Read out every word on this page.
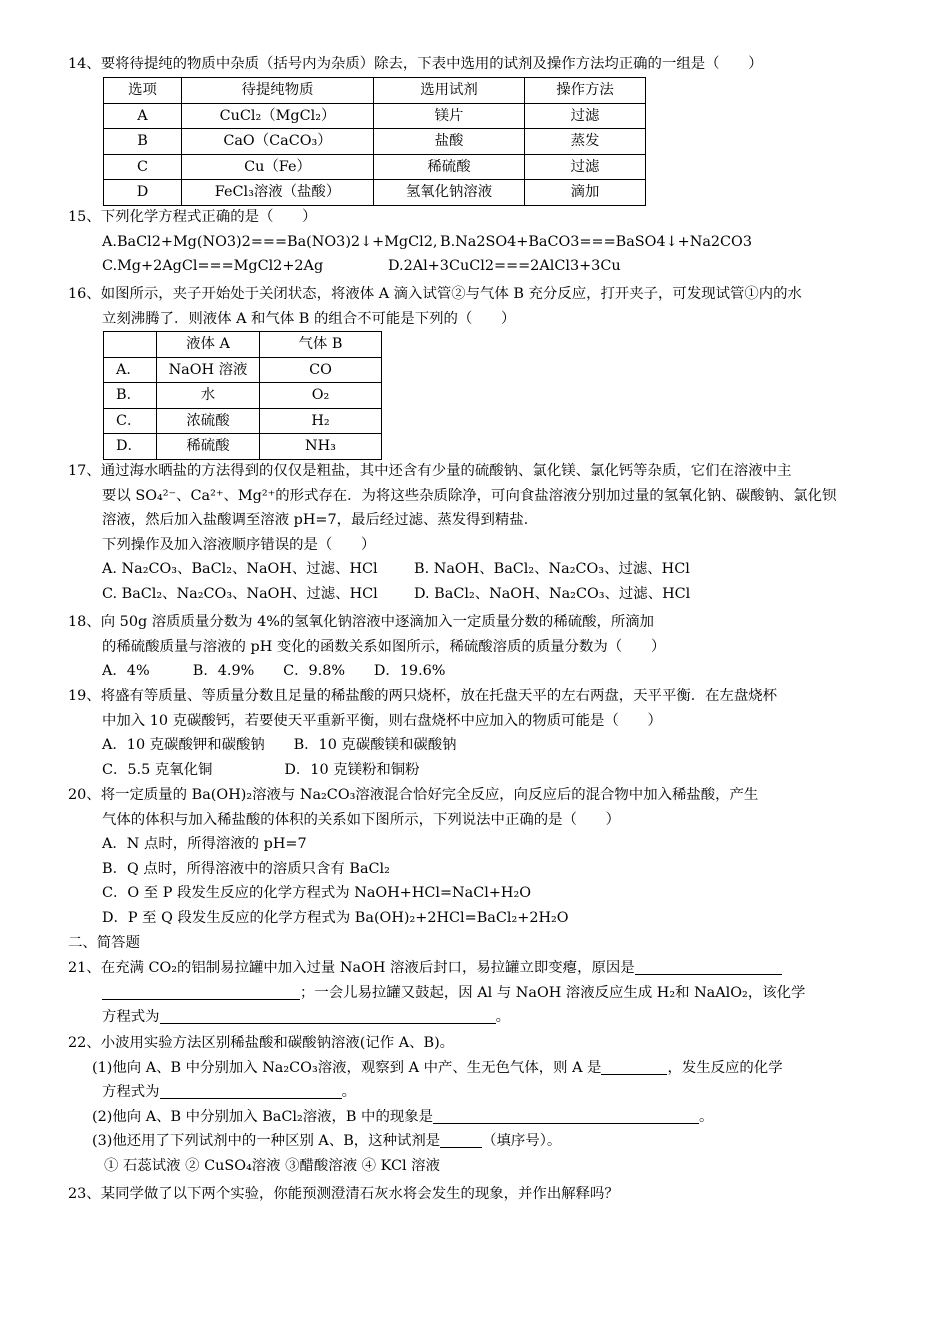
14、要将待提纯的物质中杂质（括号内为杂质）除去，下表中选用的试剂及操作方法均正确的一组是（　　）
选项	待提纯物质	选用试剂	操作方法
A	CuCl₂（MgCl₂）	镁片	过滤
B	CaO（CaCO₃）	盐酸	蒸发
C	Cu（Fe）	稀硫酸	过滤
D	FeCl₃溶液（盐酸）	氢氧化钠溶液	滴加
15、下列化学方程式正确的是（　　）
A.BaCl2+Mg(NO3)2===Ba(NO3)2↓+MgCl2, B.Na2SO4+BaCO3===BaSO4↓+Na2CO3
C.Mg+2AgCl===MgCl2+2Ag	D.2Al+3CuCl2===2AlCl3+3Cu
16、如图所示，夹子开始处于关闭状态，将液体 A 滴入试管②与气体 B 充分反应，打开夹子，可发现试管①内的水
立刻沸腾了．则液体 A 和气体 B 的组合不可能是下列的（　　）
	液体 A	气体 B
A．	NaOH 溶液	CO
B．	水	O₂
C．	浓硫酸	H₂
D．	稀硫酸	NH₃
17、通过海水晒盐的方法得到的仅仅是粗盐，其中还含有少量的硫酸钠、氯化镁、氯化钙等杂质，它们在溶液中主
要以 SO₄²⁻、Ca²⁺、Mg²⁺的形式存在．为将这些杂质除净，可向食盐溶液分别加过量的氢氧化钠、碳酸钠、氯化钡
溶液，然后加入盐酸调至溶液 pH=7，最后经过滤、蒸发得到精盐．
下列操作及加入溶液顺序错误的是（　　）
A. Na₂CO₃、BaCl₂、NaOH、过滤、HCl	B. NaOH、BaCl₂、Na₂CO₃、过滤、HCl
C. BaCl₂、Na₂CO₃、NaOH、过滤、HCl	D. BaCl₂、NaOH、Na₂CO₃、过滤、HCl
18、向 50g 溶质质量分数为 4%的氢氧化钠溶液中逐滴加入一定质量分数的稀硫酸，所滴加
的稀硫酸质量与溶液的 pH 变化的函数关系如图所示，稀硫酸溶质的质量分数为（　　）
A．4%　　　B．4.9%　　C．9.8%　　D．19.6%
19、将盛有等质量、等质量分数且足量的稀盐酸的两只烧杯，放在托盘天平的左右两盘，天平平衡．在左盘烧杯
中加入 10 克碳酸钙，若要使天平重新平衡，则右盘烧杯中应加入的物质可能是（　　）
A．10 克碳酸钾和碳酸钠　　B．10 克碳酸镁和碳酸钠
C．5.5 克氧化铜　　　　　D．10 克镁粉和铜粉
20、将一定质量的 Ba(OH)₂溶液与 Na₂CO₃溶液混合恰好完全反应，向反应后的混合物中加入稀盐酸，产生
气体的体积与加入稀盐酸的体积的关系如下图所示，下列说法中正确的是（　　）
A．N 点时，所得溶液的 pH=7
B．Q 点时，所得溶液中的溶质只含有 BaCl₂
C．O 至 P 段发生反应的化学方程式为 NaOH+HCl=NaCl+H₂O
D．P 至 Q 段发生反应的化学方程式为 Ba(OH)₂+2HCl=BaCl₂+2H₂O
二、简答题
21、在充满 CO₂的铝制易拉罐中加入过量 NaOH 溶液后封口，易拉罐立即变瘪，原因是
；一会儿易拉罐又鼓起，因 Al 与 NaOH 溶液反应生成 H₂和 NaAlO₂，该化学
方程式为	。
22、小波用实验方法区别稀盐酸和碳酸钠溶液(记作 A、B)。
(1)他向 A、B 中分别加入 Na₂CO₃溶液，观察到 A 中产、生无色气体，则 A 是	，发生反应的化学
方程式为	。
(2)他向 A、B 中分别加入 BaCl₂溶液，B 中的现象是	。
(3)他还用了下列试剂中的一种区别 A、B，这种试剂是	（填序号）。
① 石蕊试液 ② CuSO₄溶液 ③醋酸溶液 ④ KCl 溶液
23、某同学做了以下两个实验，你能预测澄清石灰水将会发生的现象，并作出解释吗？
